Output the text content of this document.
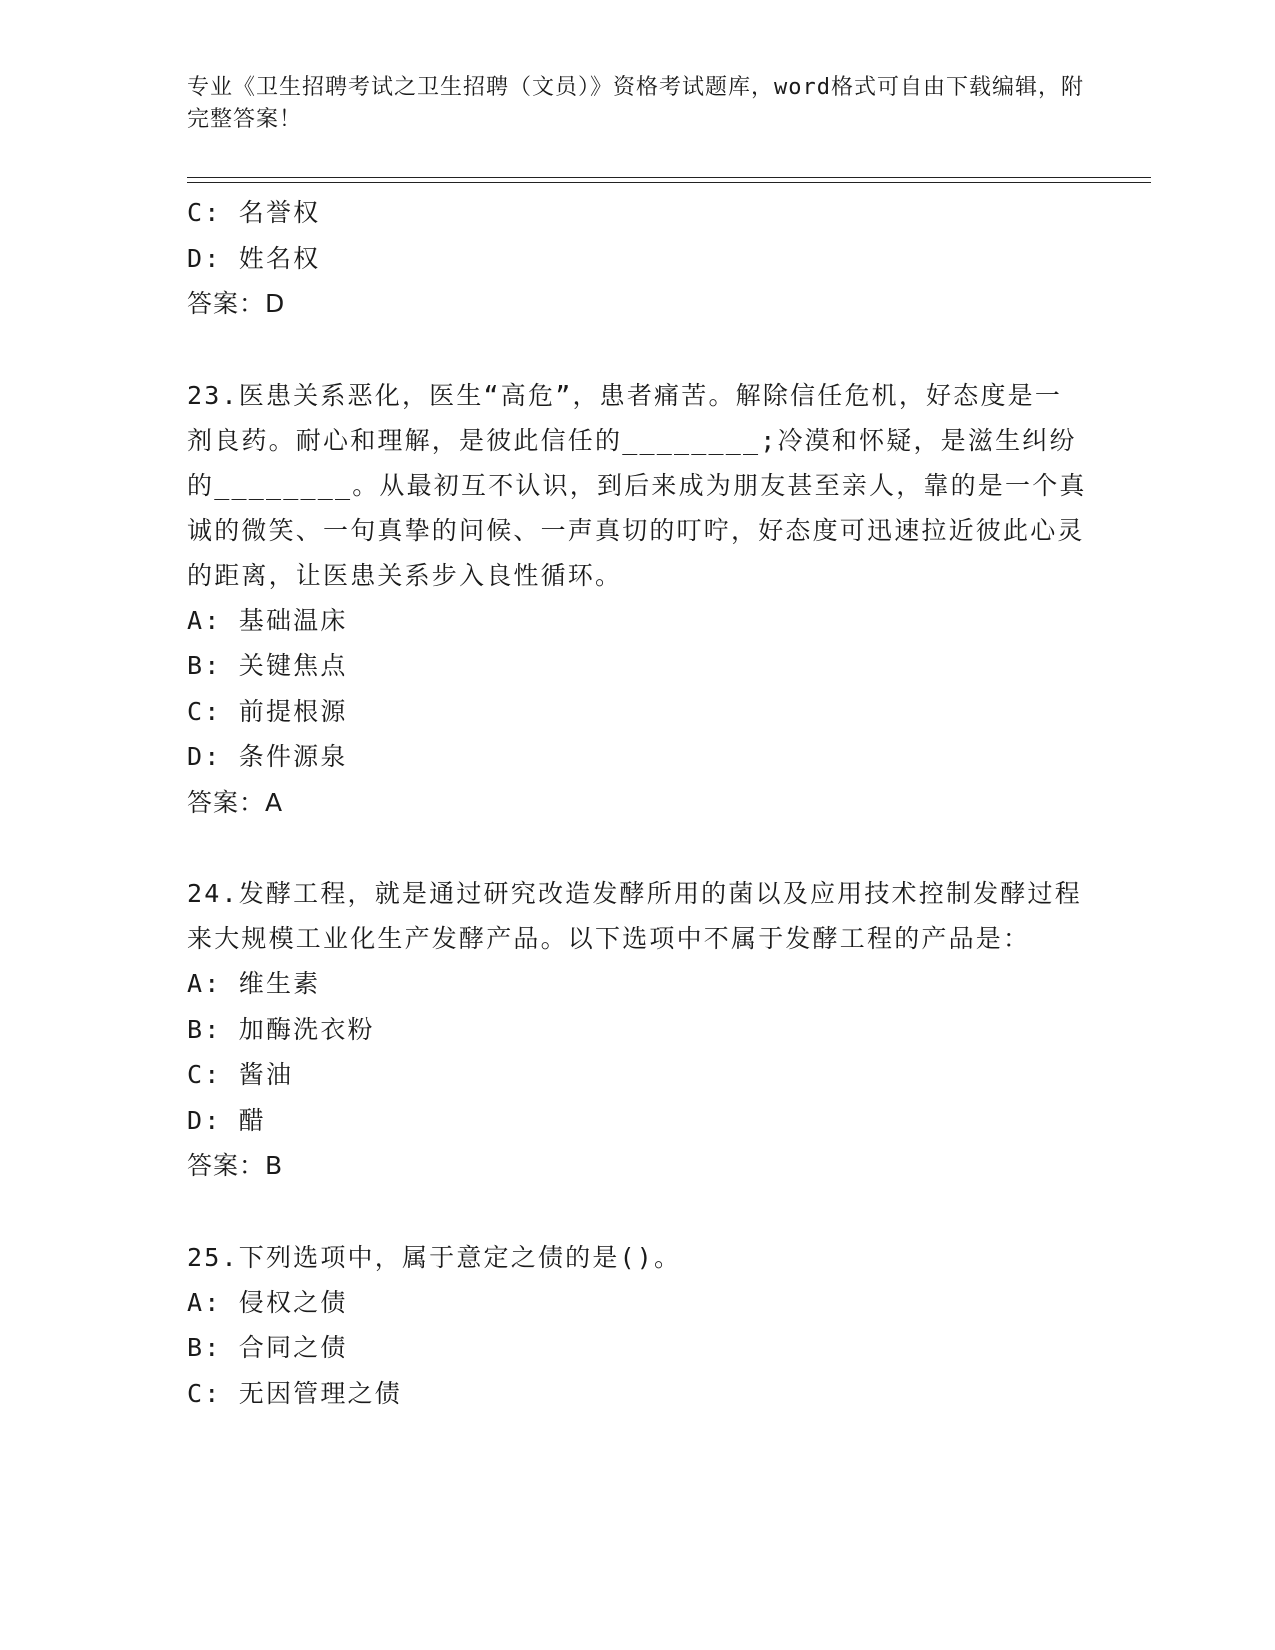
专业《卫生招聘考试之卫生招聘（文员）》资格考试题库，word格式可自由下载编辑，附完整答案！
C: 名誉权
D: 姓名权
答案：D
23.医患关系恶化，医生“高危”，患者痛苦。解除信任危机，好态度是一剂良药。耐心和理解，是彼此信任的________;冷漠和怀疑，是滋生纠纷的________。从最初互不认识，到后来成为朋友甚至亲人，靠的是一个真诚的微笑、一句真挚的问候、一声真切的叮咛，好态度可迅速拉近彼此心灵的距离，让医患关系步入良性循环。
A: 基础温床
B: 关键焦点
C: 前提根源
D: 条件源泉
答案：A
24.发酵工程，就是通过研究改造发酵所用的菌以及应用技术控制发酵过程来大规模工业化生产发酵产品。以下选项中不属于发酵工程的产品是：
A: 维生素
B: 加酶洗衣粉
C: 酱油
D: 醋
答案：B
25.下列选项中，属于意定之债的是()。
A: 侵权之债
B: 合同之债
C: 无因管理之债
